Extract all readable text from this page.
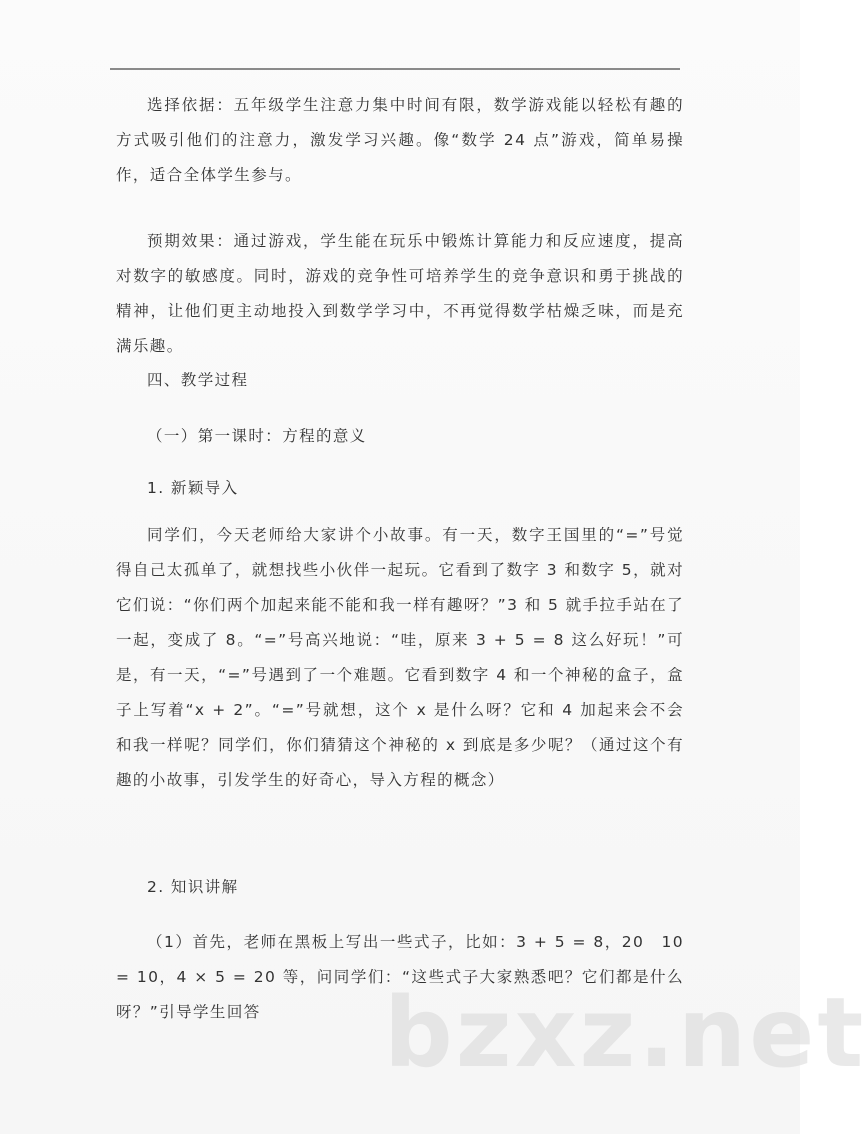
选择依据：五年级学生注意力集中时间有限，数学游戏能以轻松有趣的方式吸引他们的注意力，激发学习兴趣。像“数学 24 点”游戏，简单易操作，适合全体学生参与。

预期效果：通过游戏，学生能在玩乐中锻炼计算能力和反应速度，提高对数字的敏感度。同时，游戏的竞争性可培养学生的竞争意识和勇于挑战的精神，让他们更主动地投入到数学学习中，不再觉得数学枯燥乏味，而是充满乐趣。

四、教学过程

（一）第一课时：方程的意义

1. 新颖导入

同学们，今天老师给大家讲个小故事。有一天，数字王国里的“=”号觉得自己太孤单了，就想找些小伙伴一起玩。它看到了数字 3 和数字 5，就对它们说：“你们两个加起来能不能和我一样有趣呀？”3 和 5 就手拉手站在了一起，变成了 8。“=”号高兴地说：“哇，原来 3 + 5 = 8 这么好玩！”可是，有一天，“=”号遇到了一个难题。它看到数字 4 和一个神秘的盒子，盒子上写着“x + 2”。“=”号就想，这个 x 是什么呀？它和 4 加起来会不会和我一样呢？同学们，你们猜猜这个神秘的 x 到底是多少呢？（通过这个有趣的小故事，引发学生的好奇心，导入方程的概念）

2. 知识讲解

（1）首先，老师在黑板上写出一些式子，比如：3 + 5 = 8，20　10 = 10，4 × 5 = 20 等，问同学们：“这些式子大家熟悉吧？它们都是什么呀？”引导学生回答	bzxz.net
